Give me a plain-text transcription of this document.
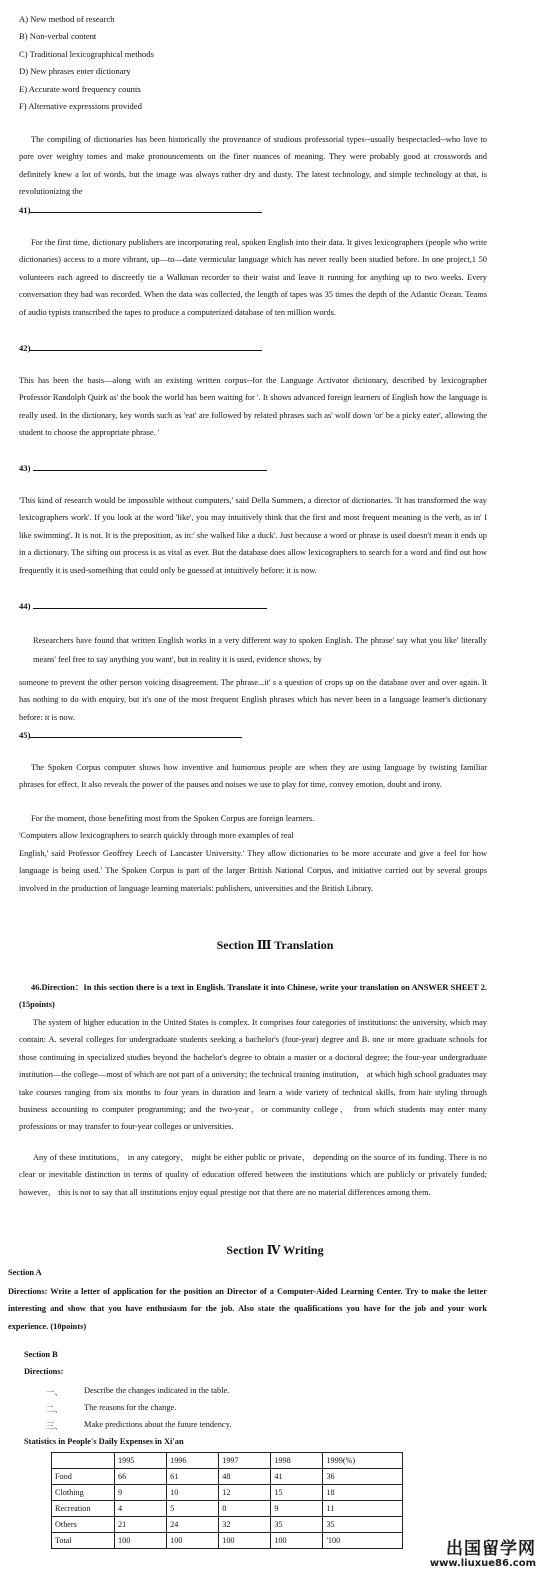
A) New method of research
B) Non-verbal content
C) Traditional lexicographical methods
D) New phrases enter dictionary
E) Accurate word frequency counts
F) Alternative expressions provided
The compiling of dictionaries has been historically the provenance of studious professorial types--usually bespectacled--who love to pore over weighty tomes and make pronouncements on the finer nuances of meaning. They were probably good at crosswords and definitely knew a lot of words, but the image was always rather dry and dusty. The latest technology, and simple technology at that, is revolutionizing the
41)
For the first time, dictionary publishers are incorporating real, spoken English into their data. It gives lexicographers (people who write dictionaries) access to a more vibrant, up—to—date vermicular language which has never really been studied before. In one project,1 50 volunteers each agreed to discreetly tie a Walkman recorder to their waist and leave it running for anything up to two weeks. Every conversation they had was recorded. When the data was collected, the length of tapes was 35 times the depth of the Atlantic Ocean. Teams of audio typists transcribed the tapes to produce a computerized database of ten million words.
42)
This has been the basis—along with an existing written corpus--for the Language Activator dictionary, described by lexicographer Professor Randolph Quirk as' the book the world has been waiting for '. It shows advanced foreign learners of English how the language is really used. In the dictionary, key words such as 'eat' are followed by related phrases such as' wolf down 'or' be a picky eater', allowing the student to choose the appropriate phrase. '
43)
'This kind of research would be impossible without computers,' said Della Summers, a director of dictionaries. 'It has transformed the way lexicographers work'. If you look at the word 'like', you may intuitively think that the first and most frequent meaning is the verb, as in' I like swimming'. It is not. It is the preposition, as in:' she walked like a duck'. Just because a word or phrase is used doesn't mean it ends up in a dictionary. The sifting out process is as vital as ever. But the database does allow lexicographers to search for a word and find out how frequently it is used-something that could only be guessed at intuitively before: it is now.
44)
Researchers have found that written English works in a very different way to spoken English. The phrase' say what you like' literally means' feel free to say anything you want', but in reality it is used, evidence shows, by
someone to prevent the other person voicing disagreement. The phrase...it' s a question of crops up on the database over and over again. It has nothing to do with enquiry, but it's one of the most frequent English phrases which has never been in a language learner's dictionary before: it is now.
45)
The Spoken Corpus computer shows how inventive and humorous people are when they are using language by twisting familiar phrases for effect. It also reveals the power of the pauses and noises we use to play for time, convey emotion, doubt and irony.
For the moment, those benefiting most from the Spoken Corpus are foreign learners.
'Computers allow lexicographers to search quickly through more examples of real
English,' said Professor Geoffrey Leech of Lancaster University.' They allow dictionaries to be more accurate and give a feel for how language is being used.' The Spoken Corpus is part of the larger British National Corpus, and initiative carried out by several groups involved in the production of language learning materials: publishers, universities and the British Library.
Section Ⅲ Translation
46.Direction：In this section there is a text in English. Translate it into Chinese, write your translation on ANSWER SHEET 2. (15points)
The system of higher education in the United States is complex. It comprises four categories of institutions: the university, which may contain: A. several colleges for undergraduate students seeking a bachelor's (four-year) degree and B. one or more graduate schools for those continuing in specialized studies beyond the bachelor's degree to obtain a master or a doctoral degree; the four-year undergraduate institution—the college—most of which are not part of a university; the technical training institution， at which high school graduates may take courses ranging from six months to four years in duration and learn a wide variety of technical skills, from hair styling through business accounting to computer programming; and the two-year，or community college， from which students may enter many professions or may transfer to four-year colleges or universities.
Any of these institutions， in any category， might be either public or private， depending on the source of its funding. There is no clear or inevitable distinction in terms of quality of education offered between the institutions which are publicly or privately funded; however， this is not to say that all institutions enjoy equal prestige nor that there are no material differences among them.
Section Ⅳ Writing
Section A
Directions: Write a letter of application for the position an Director of a Computer-Aided Learning Center. Try to make the letter interesting and show that you have enthusiasm for the job. Also state the qualifications you have for the job and your work experience. (10points)
Section B
Directions:
一、	Describe the changes indicated in the table.
二、	The reasons for the change.
三、	Make predictions about the future tendency.
Statistics in People's Daily Expenses in Xi'an
	1995	1996	1997	1998	1999(%)
Food	66	61	48	41	36
Clothing	9	10	12	15	18
Recreation	4	5	8	9	11
Others	21	24	32	35	35
Total	100	100	100	100	'100	出国留学网
www.liuxue86.com
